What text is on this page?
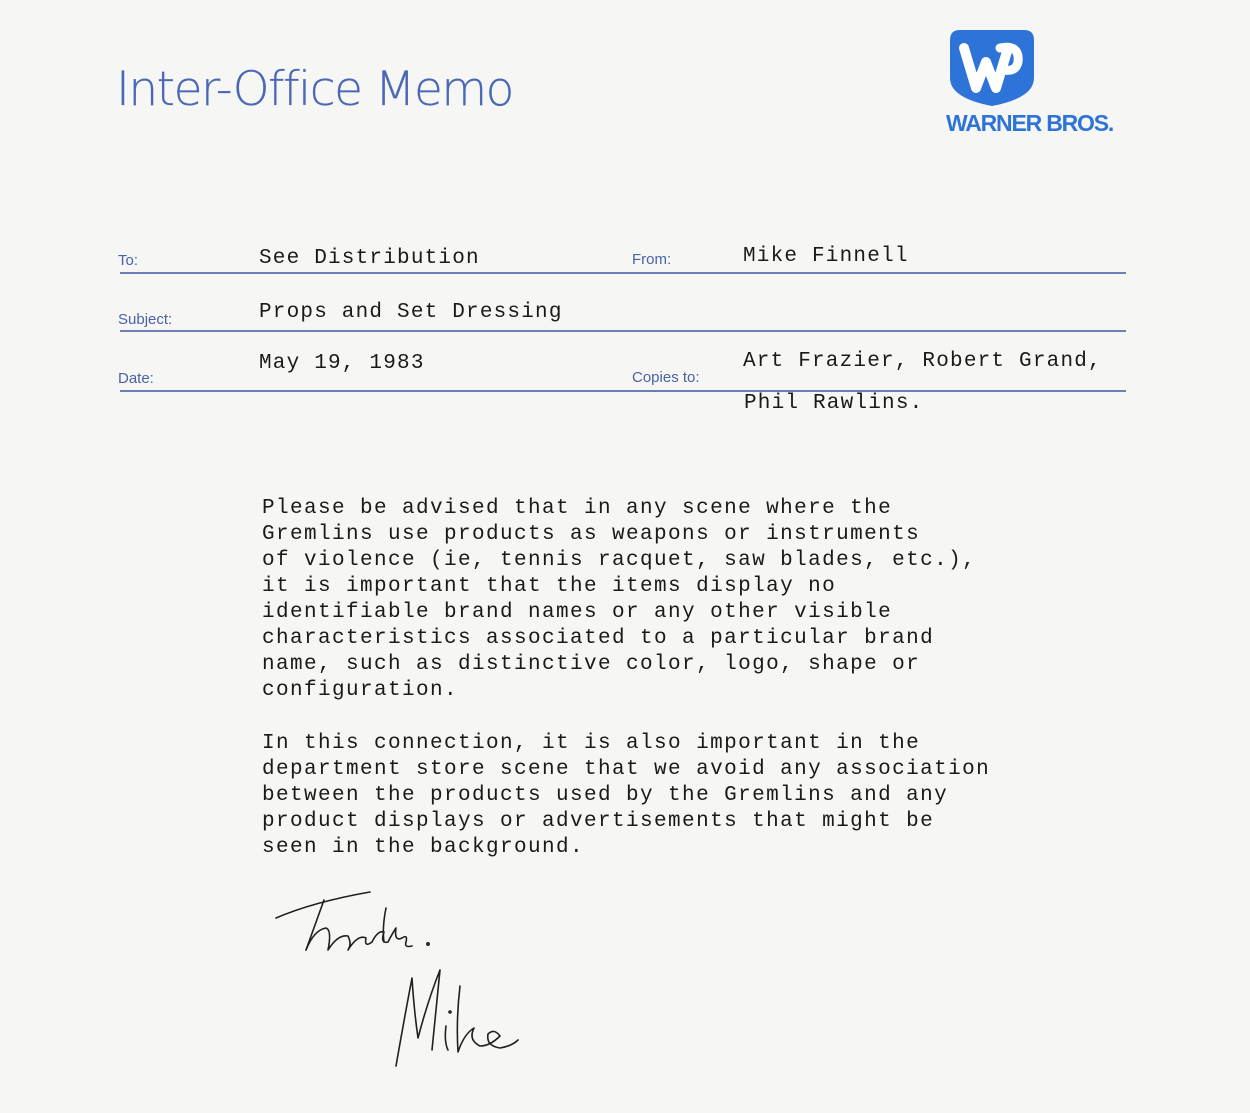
Inter-Office Memo
WARNER BROS.
To:	See Distribution	From:	Mike Finnell
Subject:	Props and Set Dressing
Date:
May 19, 1983
Copies to:
Art Frazier, Robert Grand,
Phil Rawlins.
Please be advised that in any scene where the
Gremlins use products as weapons or instruments
of violence (ie, tennis racquet, saw blades, etc.),
it is important that the items display no
identifiable brand names or any other visible
characteristics associated to a particular brand
name, such as distinctive color, logo, shape or
configuration.
In this connection, it is also important in the
department store scene that we avoid any association
between the products used by the Gremlins and any
product displays or advertisements that might be
seen in the background.
